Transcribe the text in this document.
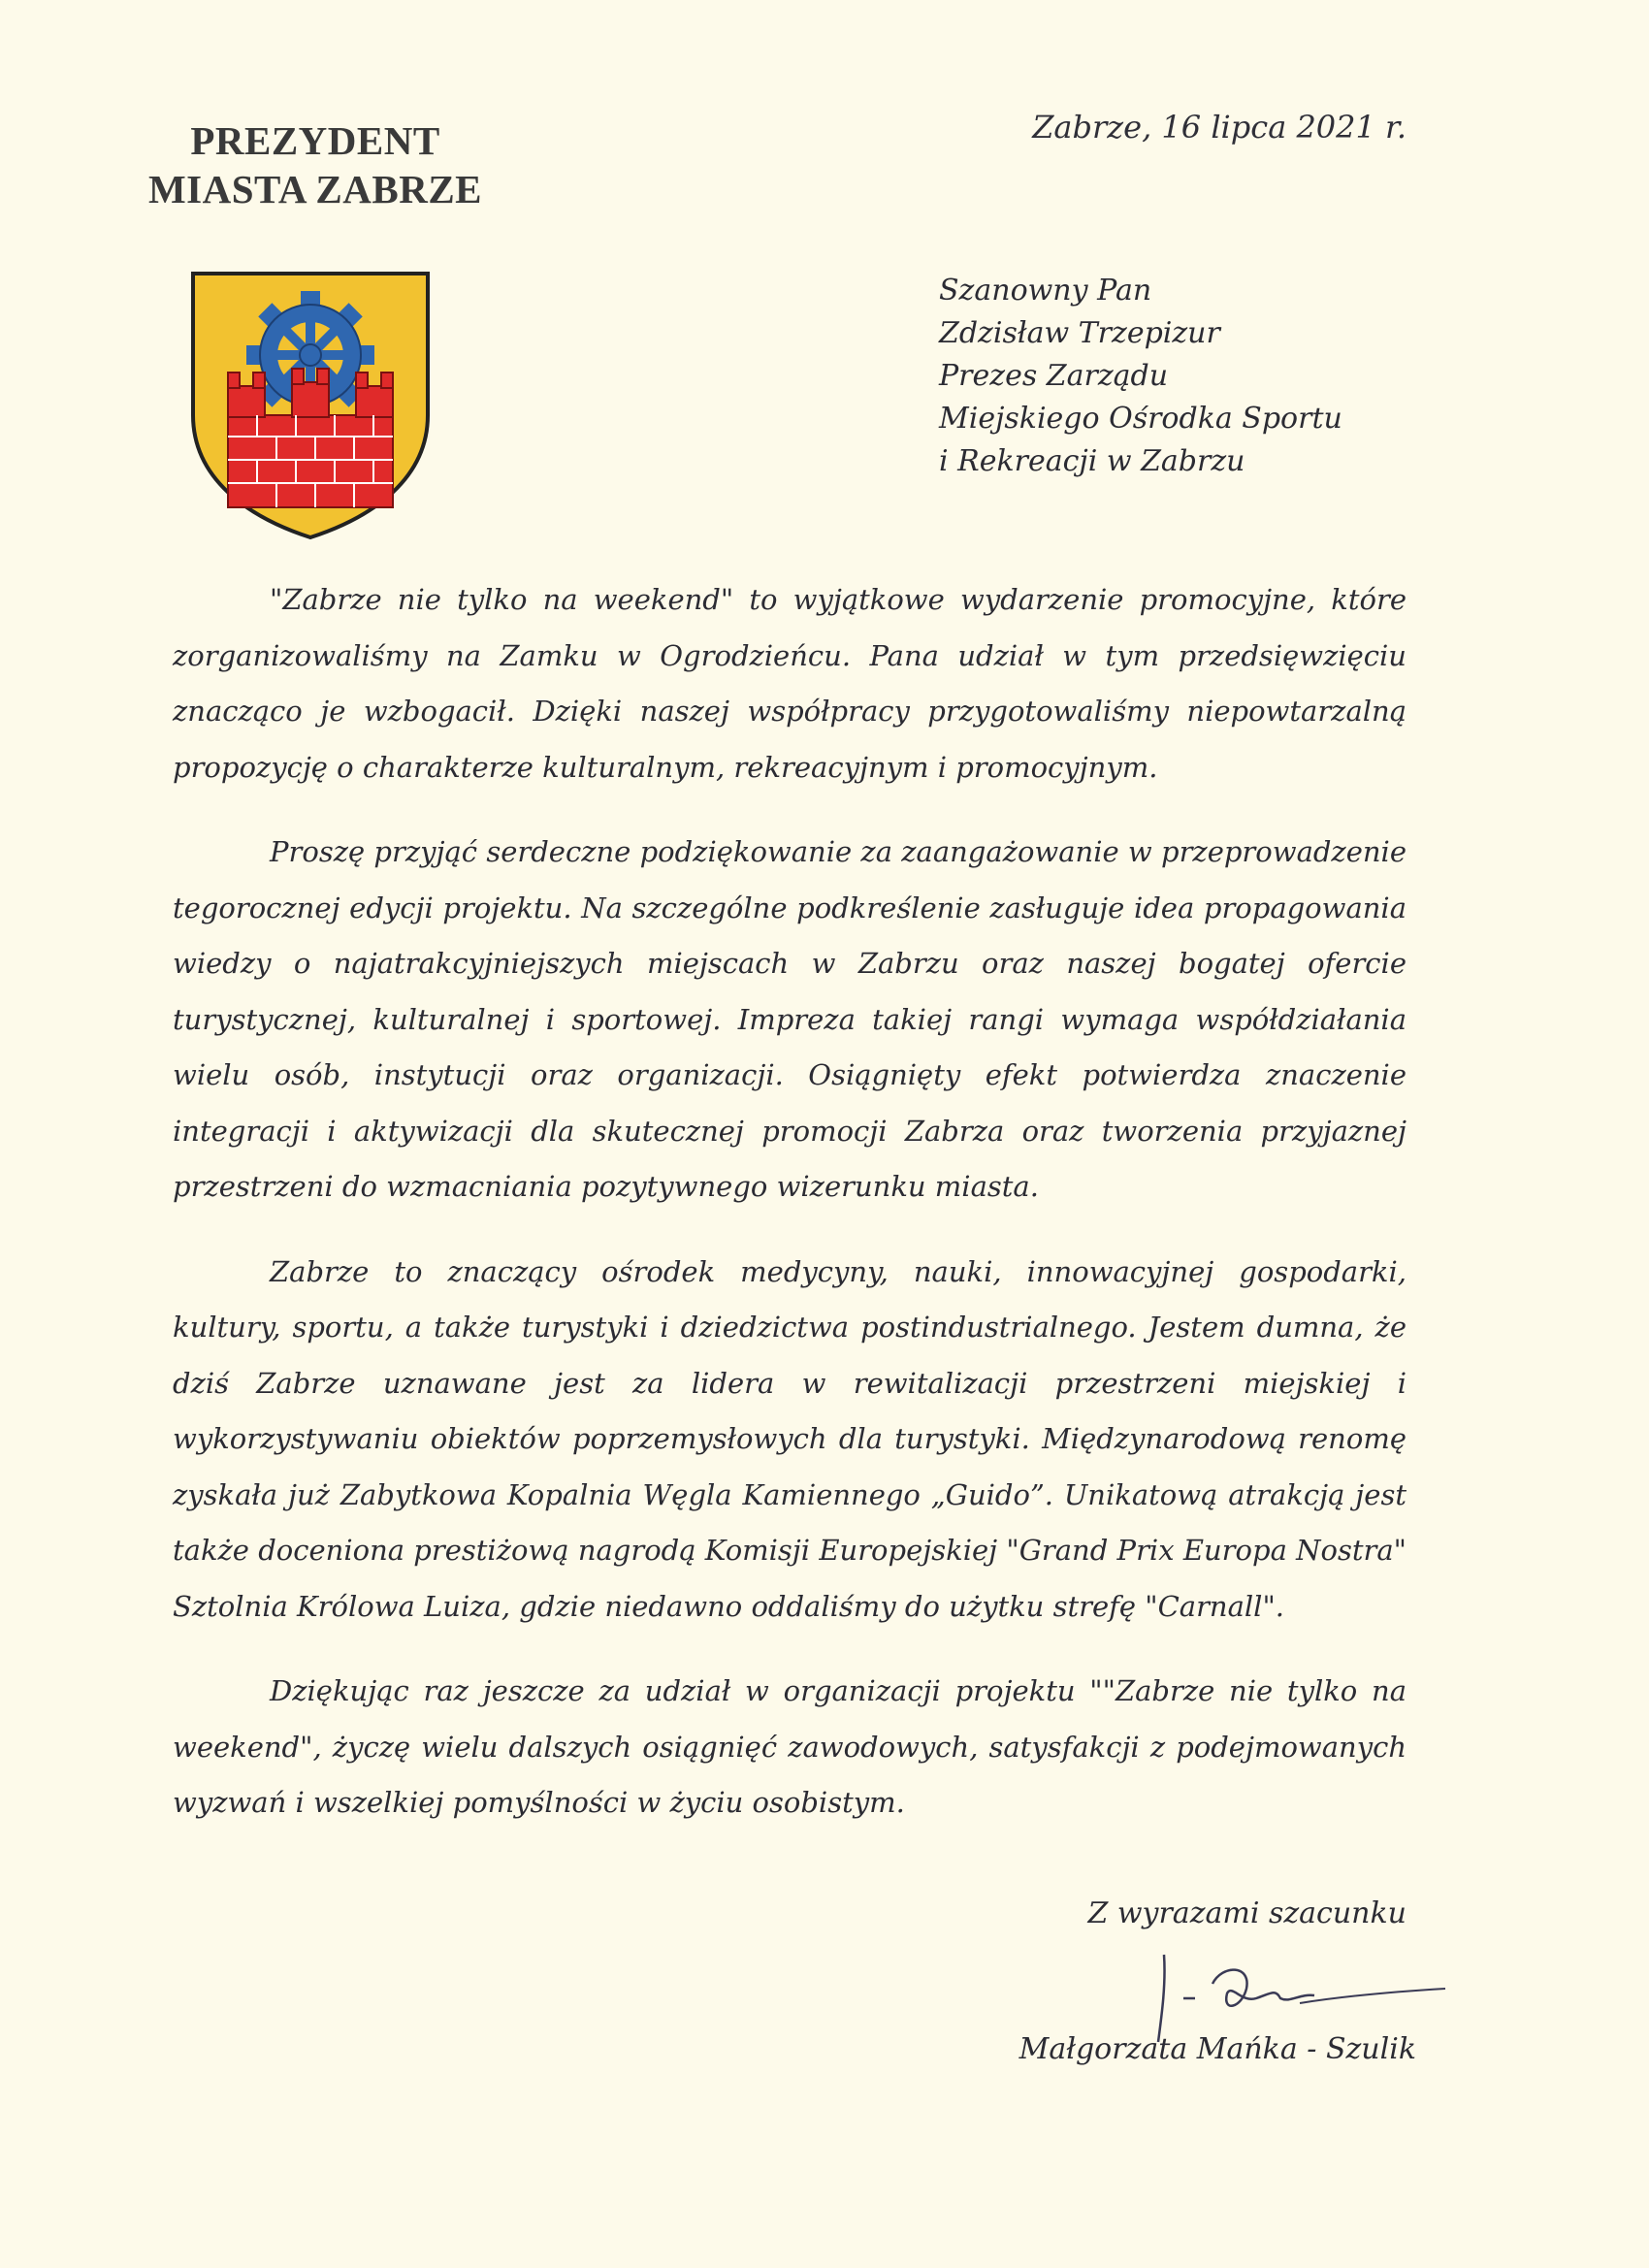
PREZYDENT
MIASTA ZABRZE
Zabrze, 16 lipca 2021 r.
Szanowny Pan
Zdzisław Trzepizur
Prezes Zarządu
Miejskiego Ośrodka Sportu
i Rekreacji w Zabrzu

"Zabrze nie tylko na weekend" to wyjątkowe wydarzenie promocyjne, które zorganizowaliśmy na Zamku w Ogrodzieńcu. Pana udział w tym przedsięwzięciu znacząco je wzbogacił. Dzięki naszej współpracy przygotowaliśmy niepowtarzalną propozycję o charakterze kulturalnym, rekreacyjnym i promocyjnym.

Proszę przyjąć serdeczne podziękowanie za zaangażowanie w przeprowadzenie tegorocznej edycji projektu. Na szczególne podkreślenie zasługuje idea propagowania wiedzy o najatrakcyjniejszych miejscach w Zabrzu oraz naszej bogatej ofercie turystycznej, kulturalnej i sportowej. Impreza takiej rangi wymaga współdziałania wielu osób, instytucji oraz organizacji. Osiągnięty efekt potwierdza znaczenie integracji i aktywizacji dla skutecznej promocji Zabrza oraz tworzenia przyjaznej przestrzeni do wzmacniania pozytywnego wizerunku miasta.

Zabrze to znaczący ośrodek medycyny, nauki, innowacyjnej gospodarki, kultury, sportu, a także turystyki i dziedzictwa postindustrialnego. Jestem dumna, że dziś Zabrze uznawane jest za lidera w rewitalizacji przestrzeni miejskiej i wykorzystywaniu obiektów poprzemysłowych dla turystyki. Międzynarodową renomę zyskała już Zabytkowa Kopalnia Węgla Kamiennego „Guido”. Unikatową atrakcją jest także doceniona prestiżową nagrodą Komisji Europejskiej "Grand Prix Europa Nostra" Sztolnia Królowa Luiza, gdzie niedawno oddaliśmy do użytku strefę "Carnall".

Dziękując raz jeszcze za udział w organizacji projektu ""Zabrze nie tylko na weekend", życzę wielu dalszych osiągnięć zawodowych, satysfakcji z podejmowanych wyzwań i wszelkiej pomyślności w życiu osobistym.

Z wyrazami szacunku
Małgorzata Mańka - Szulik
